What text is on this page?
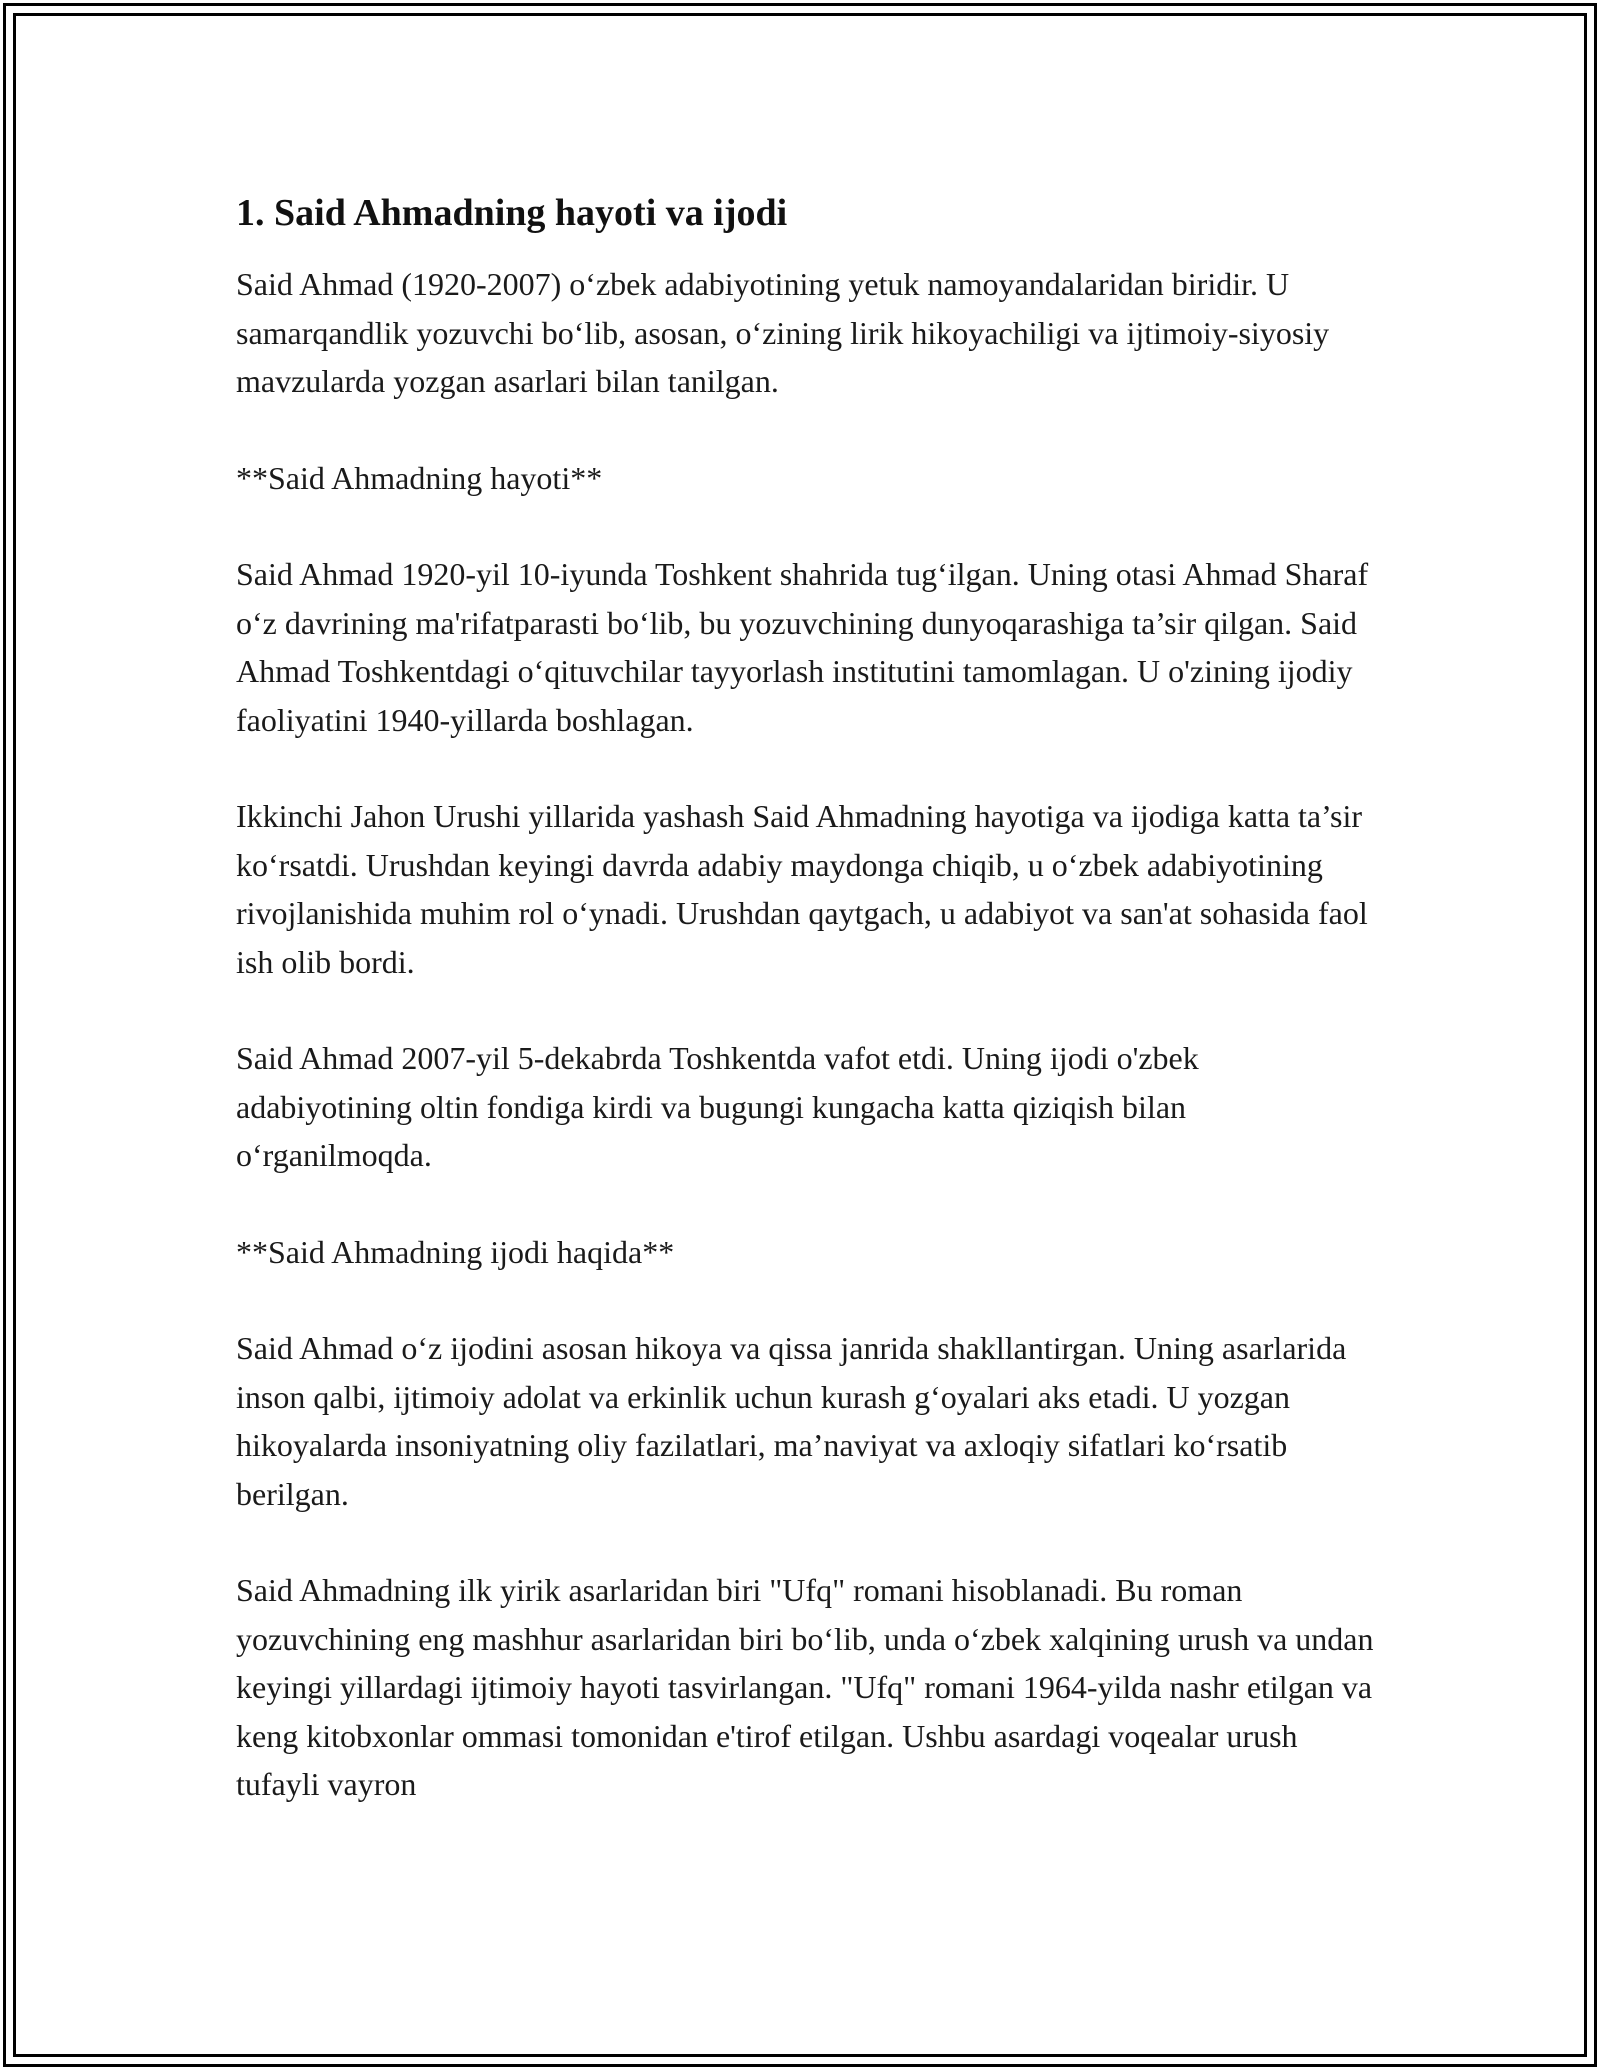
1. Said Ahmadning hayoti va ijodi

Said Ahmad (1920-2007) o‘zbek adabiyotining yetuk namoyandalaridan biridir. U samarqandlik yozuvchi bo‘lib, asosan, o‘zining lirik hikoyachiligi va ijtimoiy-siyosiy mavzularda yozgan asarlari bilan tanilgan.

**Said Ahmadning hayoti**

Said Ahmad 1920-yil 10-iyunda Toshkent shahrida tug‘ilgan. Uning otasi Ahmad Sharaf o‘z davrining ma'rifatparasti bo‘lib, bu yozuvchining dunyoqarashiga ta’sir qilgan. Said Ahmad Toshkentdagi o‘qituvchilar tayyorlash institutini tamomlagan. U o'zining ijodiy faoliyatini 1940-yillarda boshlagan.

Ikkinchi Jahon Urushi yillarida yashash Said Ahmadning hayotiga va ijodiga katta ta’sir ko‘rsatdi. Urushdan keyingi davrda adabiy maydonga chiqib, u o‘zbek adabiyotining rivojlanishida muhim rol o‘ynadi. Urushdan qaytgach, u adabiyot va san'at sohasida faol ish olib bordi.

Said Ahmad 2007-yil 5-dekabrda Toshkentda vafot etdi. Uning ijodi o'zbek adabiyotining oltin fondiga kirdi va bugungi kungacha katta qiziqish bilan o‘rganilmoqda.

**Said Ahmadning ijodi haqida**

Said Ahmad o‘z ijodini asosan hikoya va qissa janrida shakllantirgan. Uning asarlarida inson qalbi, ijtimoiy adolat va erkinlik uchun kurash g‘oyalari aks etadi. U yozgan hikoyalarda insoniyatning oliy fazilatlari, ma’naviyat va axloqiy sifatlari ko‘rsatib berilgan.

Said Ahmadning ilk yirik asarlaridan biri "Ufq" romani hisoblanadi. Bu roman yozuvchining eng mashhur asarlaridan biri bo‘lib, unda o‘zbek xalqining urush va undan keyingi yillardagi ijtimoiy hayoti tasvirlangan. "Ufq" romani 1964-yilda nashr etilgan va keng kitobxonlar ommasi tomonidan e'tirof etilgan. Ushbu asardagi voqealar urush tufayli vayron
